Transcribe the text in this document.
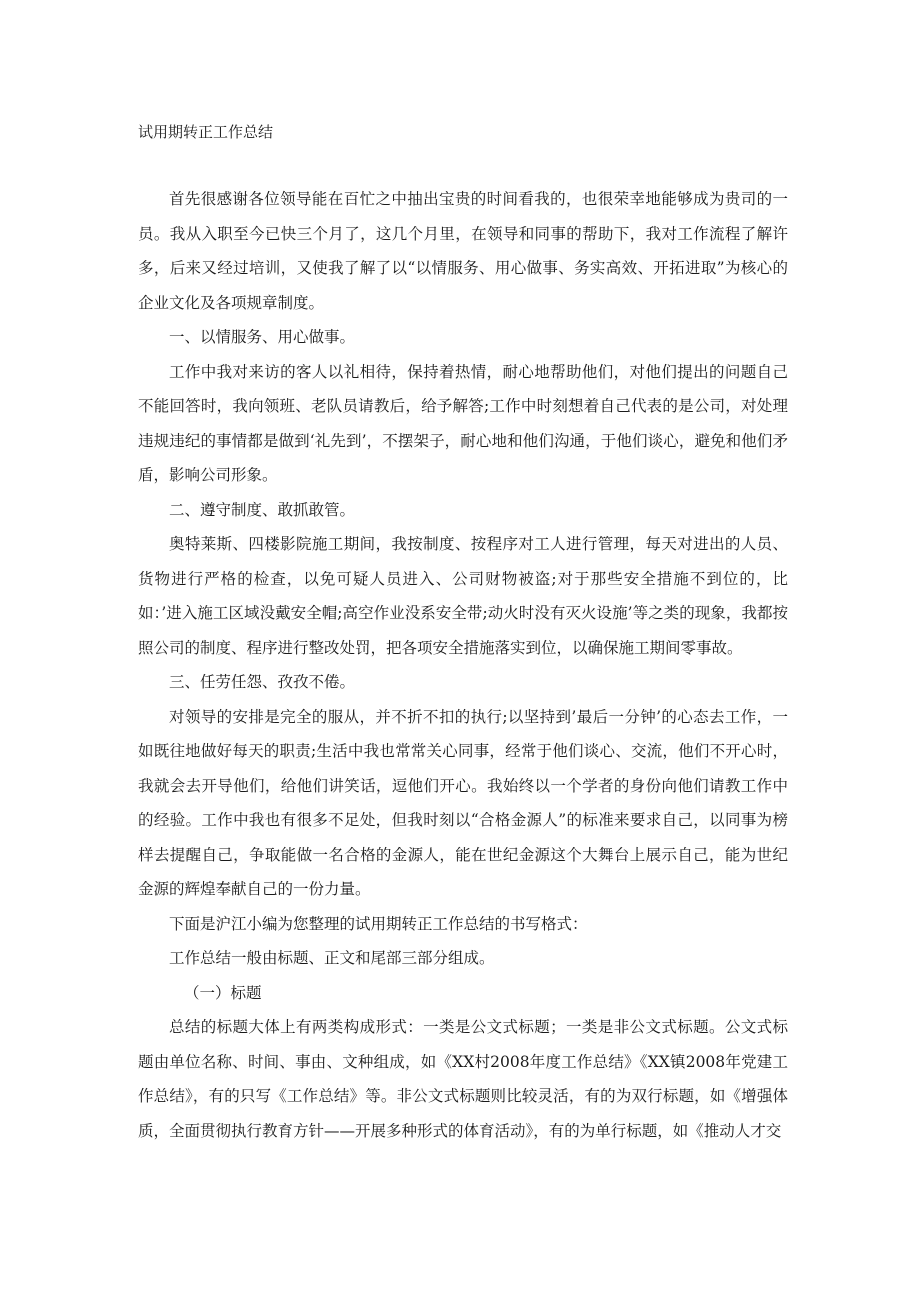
试用期转正工作总结

首先很感谢各位领导能在百忙之中抽出宝贵的时间看我的，也很荣幸地能够成为贵司的一员。我从入职至今已快三个月了，这几个月里，在领导和同事的帮助下，我对工作流程了解许多，后来又经过培训，又使我了解了以“以情服务、用心做事、务实高效、开拓进取”为核心的企业文化及各项规章制度。

一、以情服务、用心做事。

工作中我对来访的客人以礼相待，保持着热情，耐心地帮助他们，对他们提出的问题自己不能回答时，我向领班、老队员请教后，给予解答;工作中时刻想着自己代表的是公司，对处理违规违纪的事情都是做到‘礼先到’，不摆架子，耐心地和他们沟通，于他们谈心，避免和他们矛盾，影响公司形象。

二、遵守制度、敢抓敢管。

奥特莱斯、四楼影院施工期间，我按制度、按程序对工人进行管理，每天对进出的人员、货物进行严格的检查，以免可疑人员进入、公司财物被盗;对于那些安全措施不到位的，比如：’进入施工区域没戴安全帽;高空作业没系安全带;动火时没有灭火设施’等之类的现象，我都按照公司的制度、程序进行整改处罚，把各项安全措施落实到位，以确保施工期间零事故。

三、任劳任怨、孜孜不倦。

对领导的安排是完全的服从，并不折不扣的执行;以坚持到’最后一分钟’的心态去工作，一如既往地做好每天的职责;生活中我也常常关心同事，经常于他们谈心、交流，他们不开心时，我就会去开导他们，给他们讲笑话，逗他们开心。我始终以一个学者的身份向他们请教工作中的经验。工作中我也有很多不足处，但我时刻以“合格金源人”的标准来要求自己，以同事为榜样去提醒自己，争取能做一名合格的金源人，能在世纪金源这个大舞台上展示自己，能为世纪金源的辉煌奉献自己的一份力量。

下面是沪江小编为您整理的试用期转正工作总结的书写格式：

工作总结一般由标题、正文和尾部三部分组成。

（一）标题

总结的标题大体上有两类构成形式：一类是公文式标题；一类是非公文式标题。公文式标题由单位名称、时间、事由、文种组成，如《XX村2008年度工作总结》《XX镇2008年党建工作总结》，有的只写《工作总结》等。非公文式标题则比较灵活，有的为双行标题，如《增强体质，全面贯彻执行教育方针——开展多种形式的体育活动》，有的为单行标题，如《推动人才交
